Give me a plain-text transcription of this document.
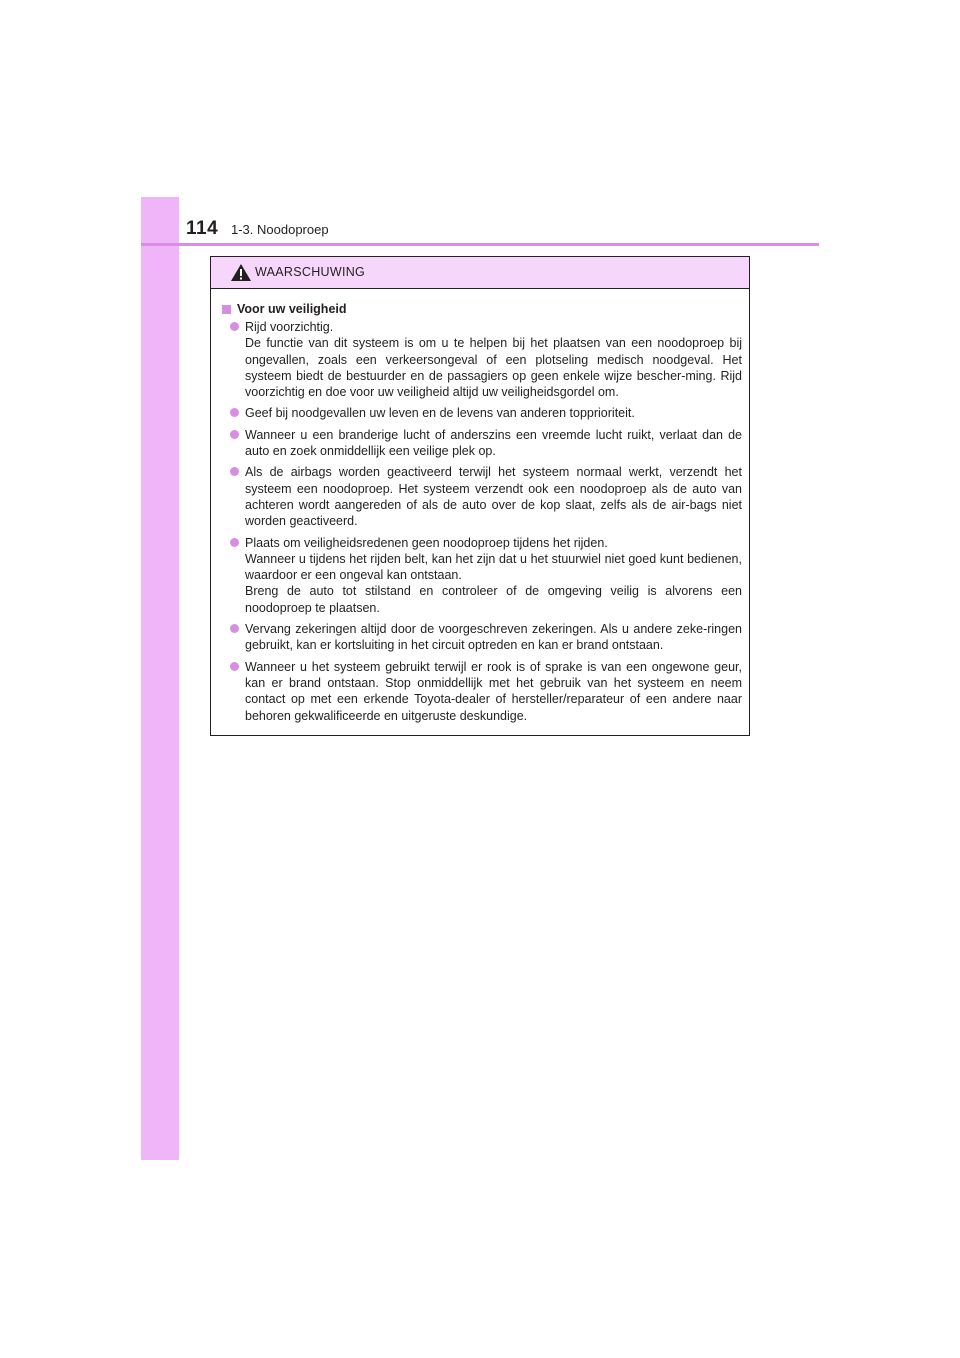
114 1-3. Noodoproep
WAARSCHUWING
Voor uw veiligheid
Rijd voorzichtig.
De functie van dit systeem is om u te helpen bij het plaatsen van een noodoproep bij ongevallen, zoals een verkeersongeval of een plotseling medisch noodgeval. Het systeem biedt de bestuurder en de passagiers op geen enkele wijze bescher-ming. Rijd voorzichtig en doe voor uw veiligheid altijd uw veiligheidsgordel om.
Geef bij noodgevallen uw leven en de levens van anderen topprioriteit.
Wanneer u een branderige lucht of anderszins een vreemde lucht ruikt, verlaat dan de auto en zoek onmiddellijk een veilige plek op.
Als de airbags worden geactiveerd terwijl het systeem normaal werkt, verzendt het systeem een noodoproep. Het systeem verzendt ook een noodoproep als de auto van achteren wordt aangereden of als de auto over de kop slaat, zelfs als de air-bags niet worden geactiveerd.
Plaats om veiligheidsredenen geen noodoproep tijdens het rijden.
Wanneer u tijdens het rijden belt, kan het zijn dat u het stuurwiel niet goed kunt bedienen, waardoor er een ongeval kan ontstaan.
Breng de auto tot stilstand en controleer of de omgeving veilig is alvorens een noodoproep te plaatsen.
Vervang zekeringen altijd door de voorgeschreven zekeringen. Als u andere zeke-ringen gebruikt, kan er kortsluiting in het circuit optreden en kan er brand ontstaan.
Wanneer u het systeem gebruikt terwijl er rook is of sprake is van een ongewone geur, kan er brand ontstaan. Stop onmiddellijk met het gebruik van het systeem en neem contact op met een erkende Toyota-dealer of hersteller/reparateur of een andere naar behoren gekwalificeerde en uitgeruste deskundige.
